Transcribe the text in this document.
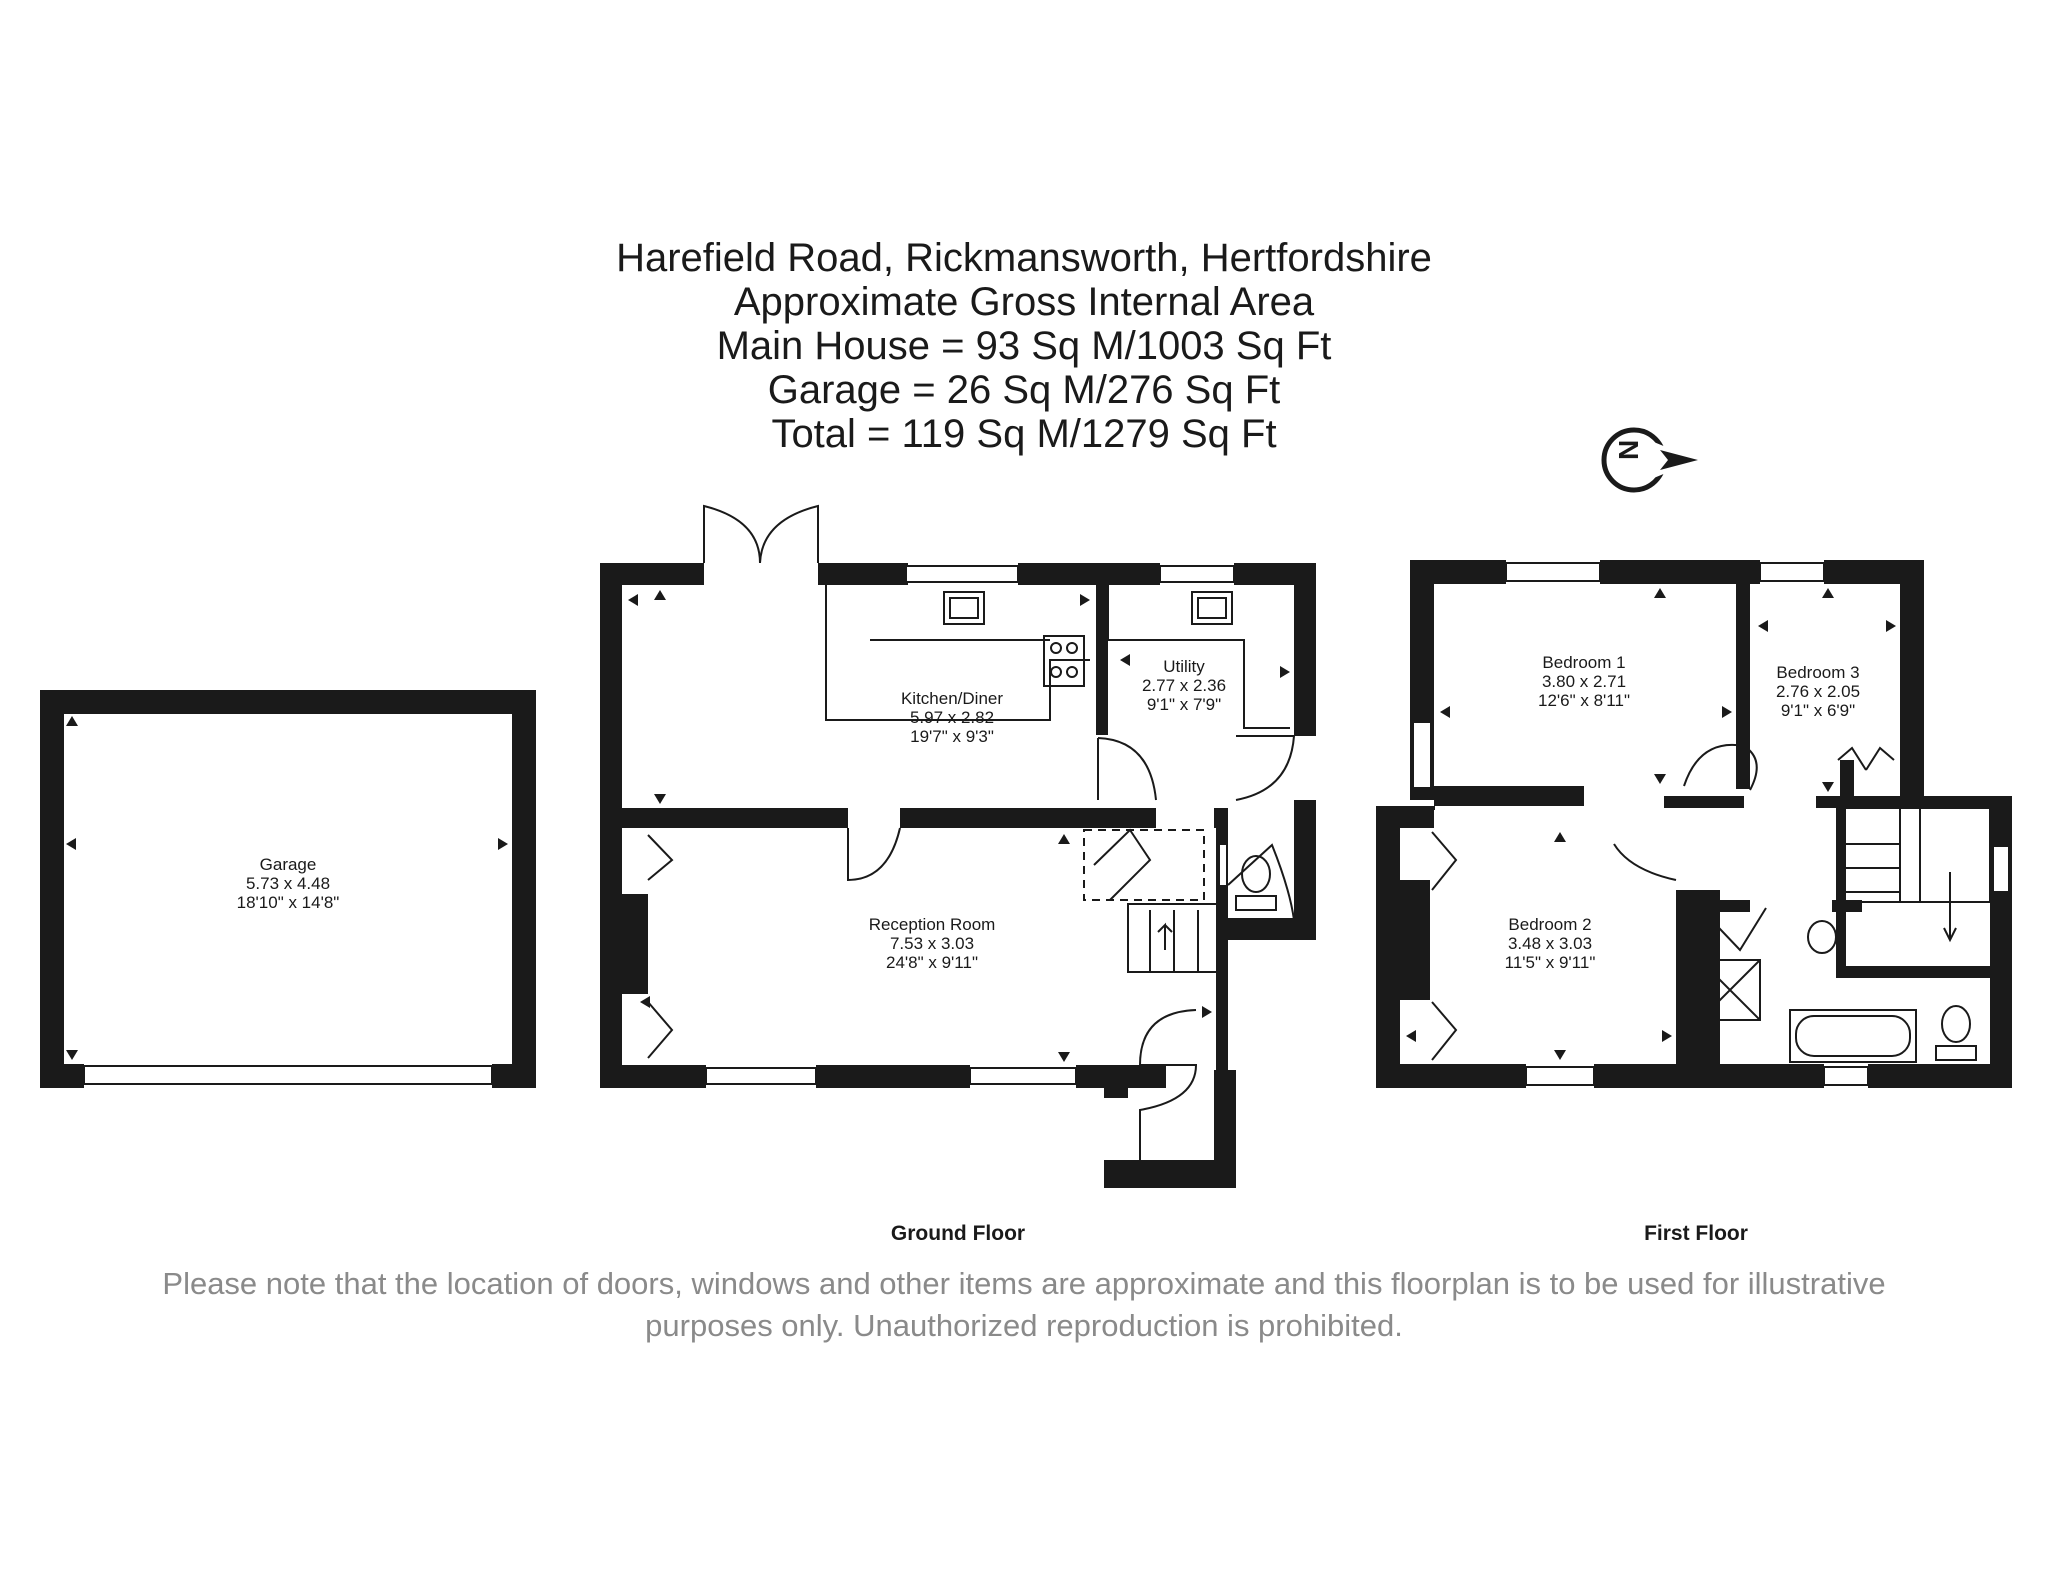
Harefield Road, Rickmansworth, Hertfordshire
Approximate Gross Internal Area
Main House = 93 Sq M/1003 Sq Ft
Garage = 26 Sq M/276 Sq Ft
Total = 119 Sq M/1279 Sq Ft	N
Garage
5.73 x 4.48
18'10" x 14'8"
Kitchen/Diner
5.97 x 2.82
19'7" x 9'3"
Utility
2.77 x 2.36
9'1" x 7'9"
Reception Room
7.53 x 3.03
24'8" x 9'11"
Bedroom 1
3.80 x 2.71
12'6" x 8'11"
Bedroom 3
2.76 x 2.05
9'1" x 6'9"
Bedroom 2
3.48 x 3.03
11'5" x 9'11"
Ground Floor	First Floor
Please note that the location of doors, windows and other items are approximate and this floorplan is to be used for illustrative
purposes only. Unauthorized reproduction is prohibited.
